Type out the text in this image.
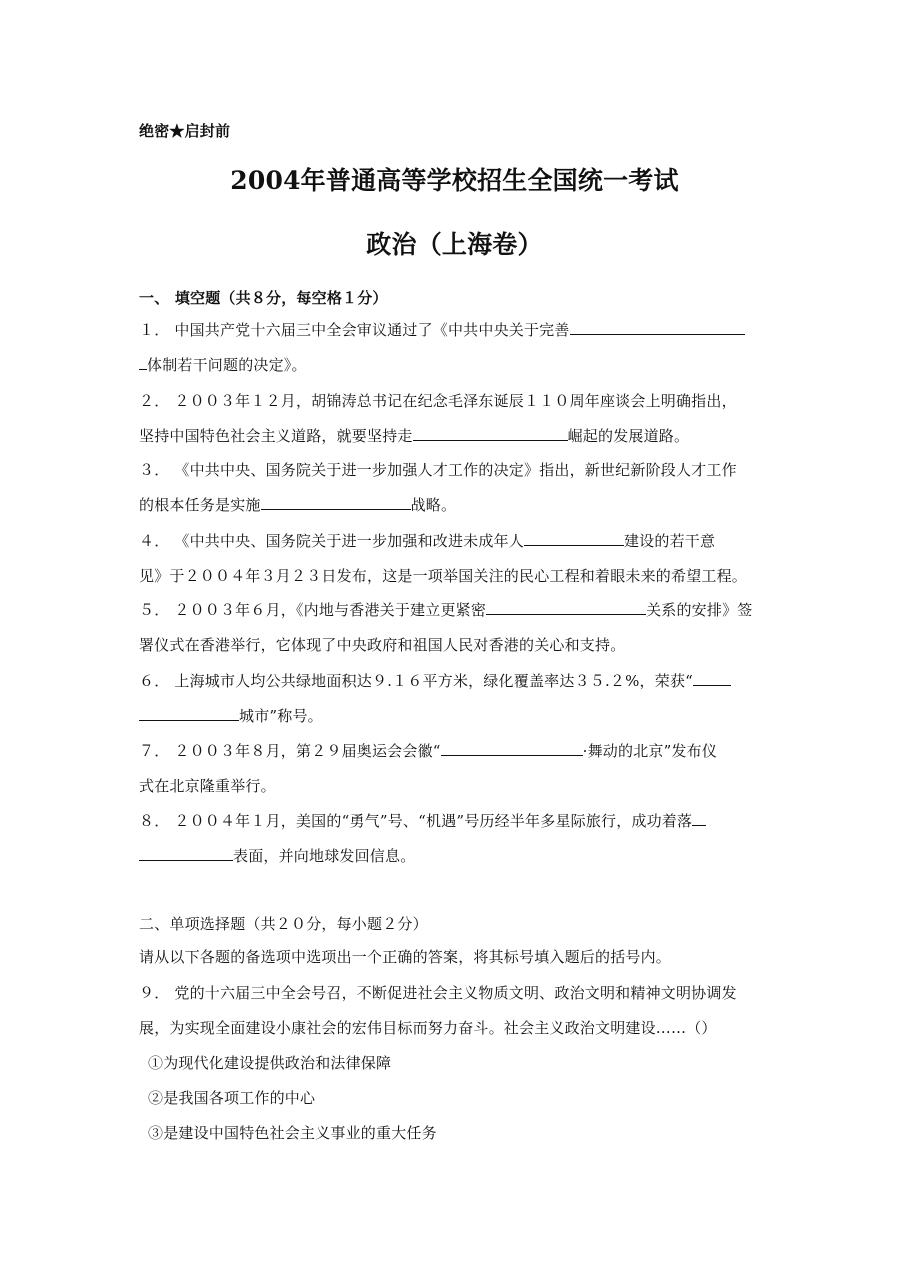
绝密★启封前
2004年普通高等学校招生全国统一考试
政治（上海卷）
一、 填空题（共８分，每空格１分）
１． 中国共产党十六届三中全会审议通过了《中共中央关于完善
体制若干问题的决定》。
２． ２００３年１２月，胡锦涛总书记在纪念毛泽东诞辰１１０周年座谈会上明确指出，
坚持中国特色社会主义道路，就要坚持走	崛起的发展道路。
３． 《中共中央、国务院关于进一步加强人才工作的决定》指出，新世纪新阶段人才工作
的根本任务是实施	战略。
４． 《中共中央、国务院关于进一步加强和改进未成年人	建设的若干意
见》于２００４年３月２３日发布，这是一项举国关注的民心工程和着眼未来的希望工程。
５． ２００３年６月，《内地与香港关于建立更紧密	关系的安排》签
署仪式在香港举行，它体现了中央政府和祖国人民对香港的关心和支持。
６． 上海城市人均公共绿地面积达９.１６平方米，绿化覆盖率达３５.２%，荣获“
城市”称号。
７． ２００３年８月，第２９届奥运会会徽“	·舞动的北京”发布仪
式在北京隆重举行。
８． ２００４年１月，美国的“勇气”号、“机遇”号历经半年多星际旅行，成功着落
表面，并向地球发回信息。
二、单项选择题（共２０分，每小题２分）
请从以下各题的备选项中选项出一个正确的答案，将其标号填入题后的括号内。
９． 党的十六届三中全会号召，不断促进社会主义物质文明、政治文明和精神文明协调发
展，为实现全面建设小康社会的宏伟目标而努力奋斗。社会主义政治文明建设……（）
①为现代化建设提供政治和法律保障
②是我国各项工作的中心
③是建设中国特色社会主义事业的重大任务
